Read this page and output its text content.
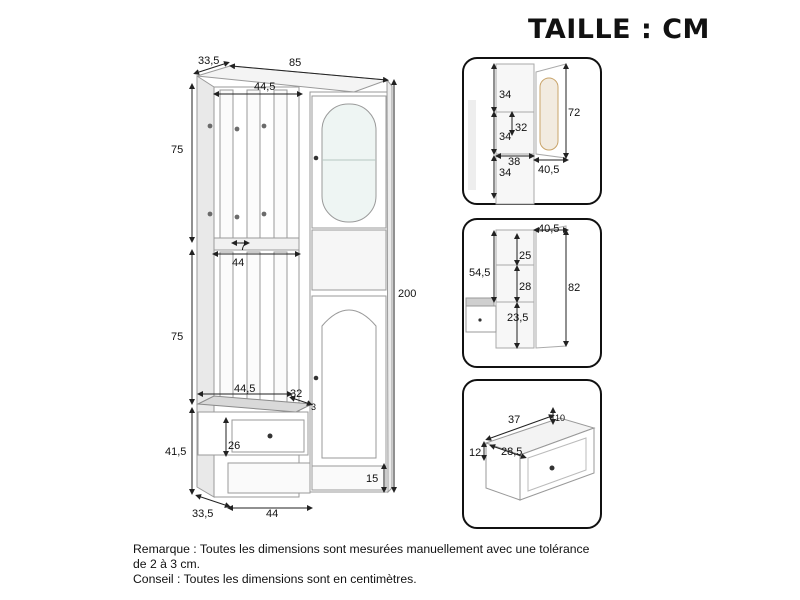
TAILLE : CM
33,5	85
44,5
75
7
44
75
200
44,5	32
3
41,5	26
33,5	44
15
34
32
34
38
34 40,5
72
40,5
25
54,5
28
23,5
82
37	10
12 28,5
Remarque : Toutes les dimensions sont mesurées manuellement avec une tolérance
de 2 à 3 cm.
Conseil : Toutes les dimensions sont en centimètres.
